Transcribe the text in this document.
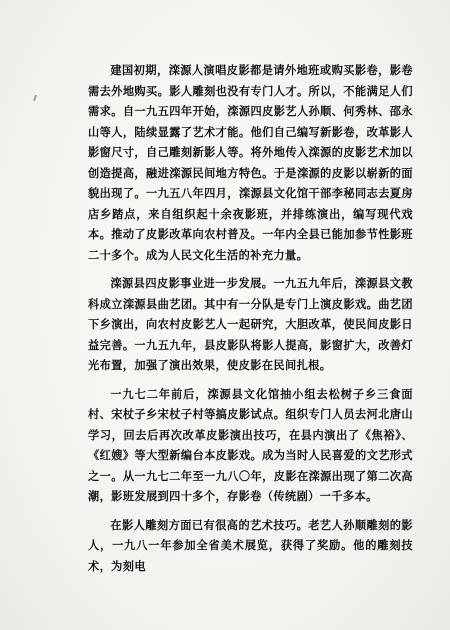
建国初期，滦源人演唱皮影都是请外地班或购买影卷，影卷需去外地购买。影人雕刻也没有专门人才。所以，不能满足人们需求。自一九五四年开始，滦源四皮影艺人孙顺、何秀林、邵永山等人，陆续显露了艺术才能。他们自己编写新影卷，改革影人影窗尺寸，自己雕刻新影人等。将外地传入滦源的皮影艺术加以创造提高，融进滦源民间地方特色。于是滦源的皮影以崭新的面貌出现了。一九五八年四月，滦源县文化馆干部李秘同志去夏房店乡踏点，来自组织起十余夜影班，并排练演出，编写现代戏本。推动了皮影改革向农村普及。一年内全县已能加参节性影班二十多个。成为人民文化生活的补充力量。

滦源县四皮影事业进一步发展。一九五九年后，滦源县文教科成立滦源县曲艺团。其中有一分队是专门上演皮影戏。曲艺团下乡演出，向农村皮影艺人一起研究，大胆改革，使民间皮影日益完善。一九五九年，县皮影队将影人提高，影窗扩大，改善灯光布置，加强了演出效果，使皮影在民间扎根。

一九七二年前后，滦源县文化馆抽小组去松树子乡三食面村、宋杖子乡宋杖子村等搞皮影试点。组织专门人员去河北唐山学习，回去后再次改革皮影演出技巧，在县内演出了《焦裕》、《红嫂》等大型新编台本皮影戏。成为当时人民喜爱的文艺形式之一。从一九七二年至一九八〇年，皮影在滦源出现了第二次高潮，影班发展到四十多个，存影卷（传统剧）一千多本。

在影人雕刻方面已有很高的艺术技巧。老艺人孙顺雕刻的影人，一九八一年参加全省美术展览，获得了奖励。他的雕刻技术，为刻电
